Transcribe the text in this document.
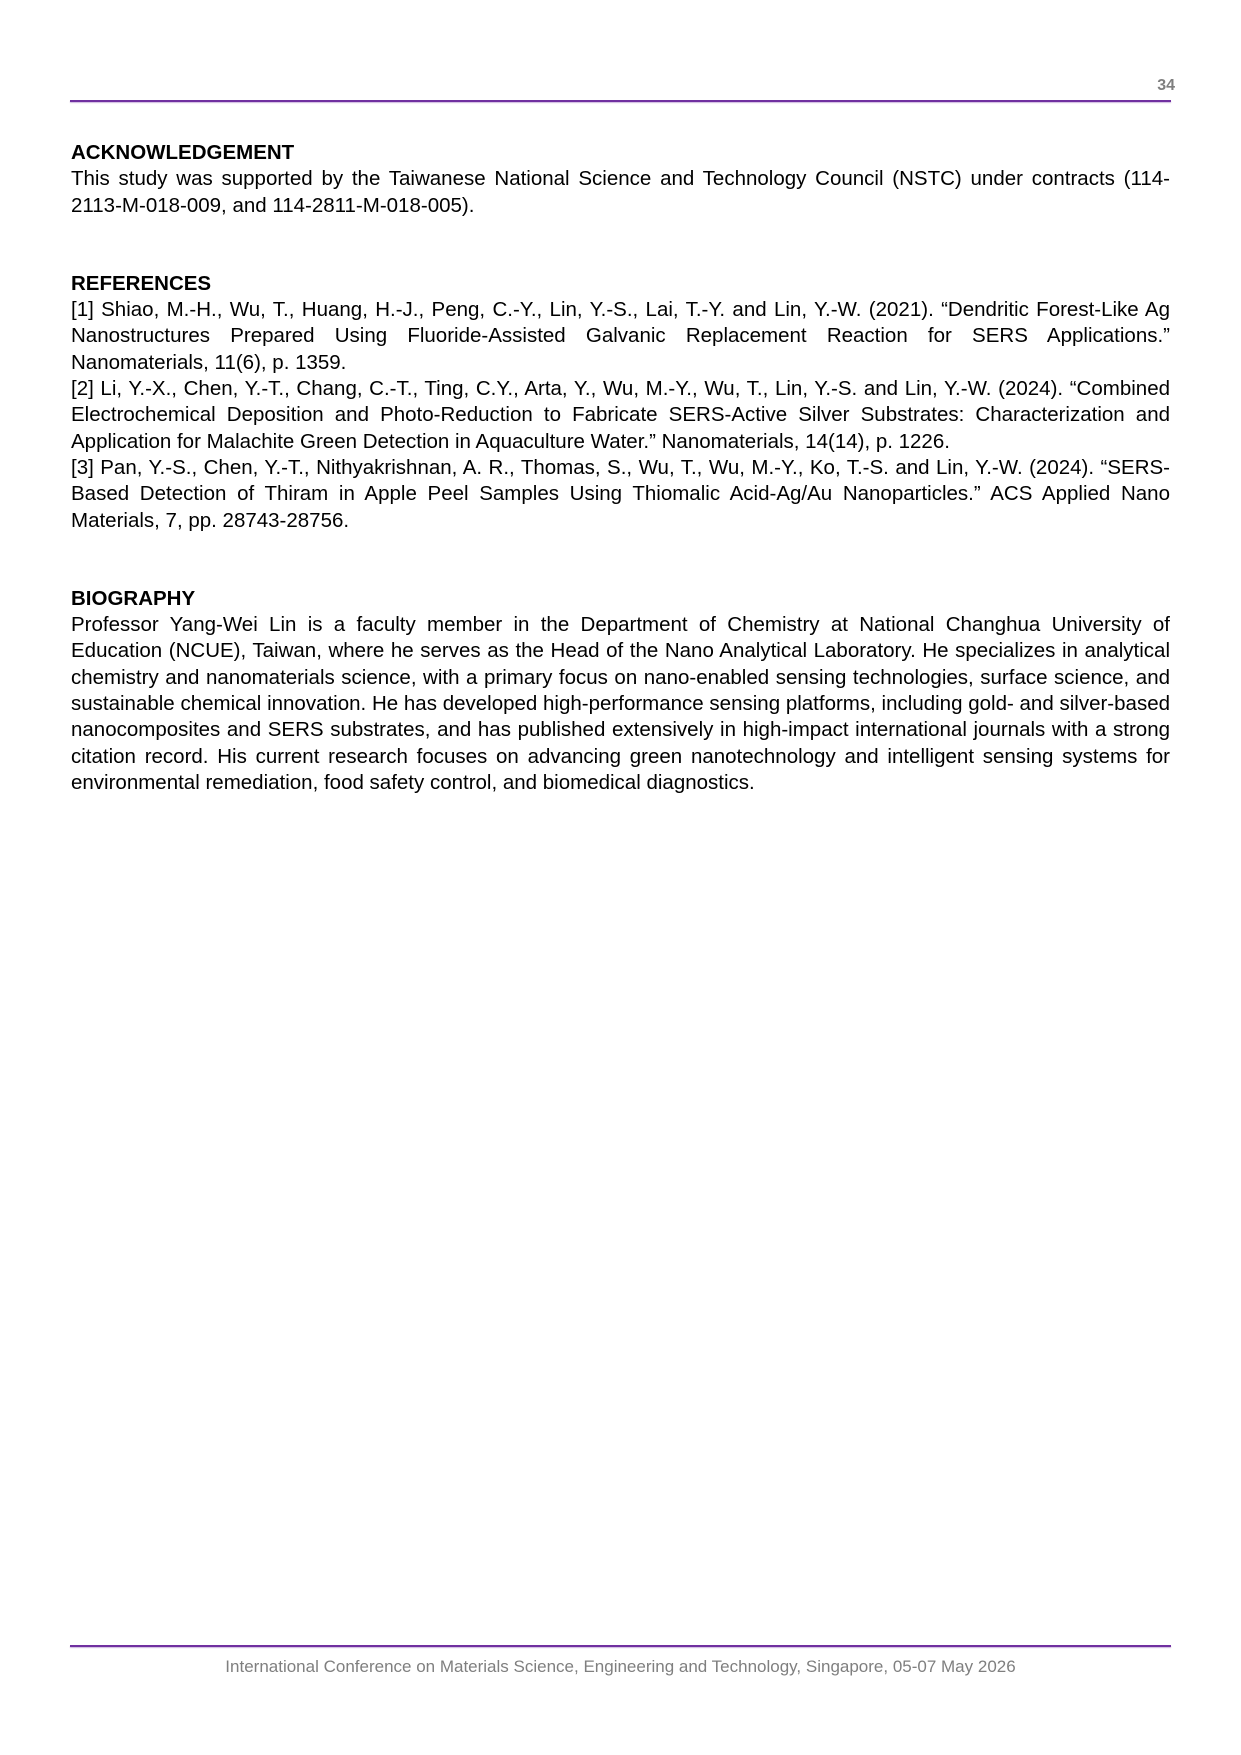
34

ACKNOWLEDGEMENT

This study was supported by the Taiwanese National Science and Technology Council (NSTC) under contracts (114-2113-M-018-009, and 114-2811-M-018-005).

REFERENCES

[1] Shiao, M.-H., Wu, T., Huang, H.-J., Peng, C.-Y., Lin, Y.-S., Lai, T.-Y. and Lin, Y.-W. (2021). “Dendritic Forest-Like Ag Nanostructures Prepared Using Fluoride-Assisted Galvanic Replacement Reaction for SERS Applications.” Nanomaterials, 11(6), p. 1359.

[2] Li, Y.-X., Chen, Y.-T., Chang, C.-T., Ting, C.Y., Arta, Y., Wu, M.-Y., Wu, T., Lin, Y.-S. and Lin, Y.-W. (2024). “Combined Electrochemical Deposition and Photo-Reduction to Fabricate SERS-Active Silver Substrates: Characterization and Application for Malachite Green Detection in Aquaculture Water.” Nanomaterials, 14(14), p. 1226.

[3] Pan, Y.-S., Chen, Y.-T., Nithyakrishnan, A. R., Thomas, S., Wu, T., Wu, M.-Y., Ko, T.-S. and Lin, Y.-W. (2024). “SERS-Based Detection of Thiram in Apple Peel Samples Using Thiomalic Acid-Ag/Au Nanoparticles.” ACS Applied Nano Materials, 7, pp. 28743-28756.

BIOGRAPHY

Professor Yang-Wei Lin is a faculty member in the Department of Chemistry at National Changhua University of Education (NCUE), Taiwan, where he serves as the Head of the Nano Analytical Laboratory. He specializes in analytical chemistry and nanomaterials science, with a primary focus on nano-enabled sensing technologies, surface science, and sustainable chemical innovation. He has developed high-performance sensing platforms, including gold- and silver-based nanocomposites and SERS substrates, and has published extensively in high-impact international journals with a strong citation record. His current research focuses on advancing green nanotechnology and intelligent sensing systems for environmental remediation, food safety control, and biomedical diagnostics.

International Conference on Materials Science, Engineering and Technology, Singapore, 05-07 May 2026
